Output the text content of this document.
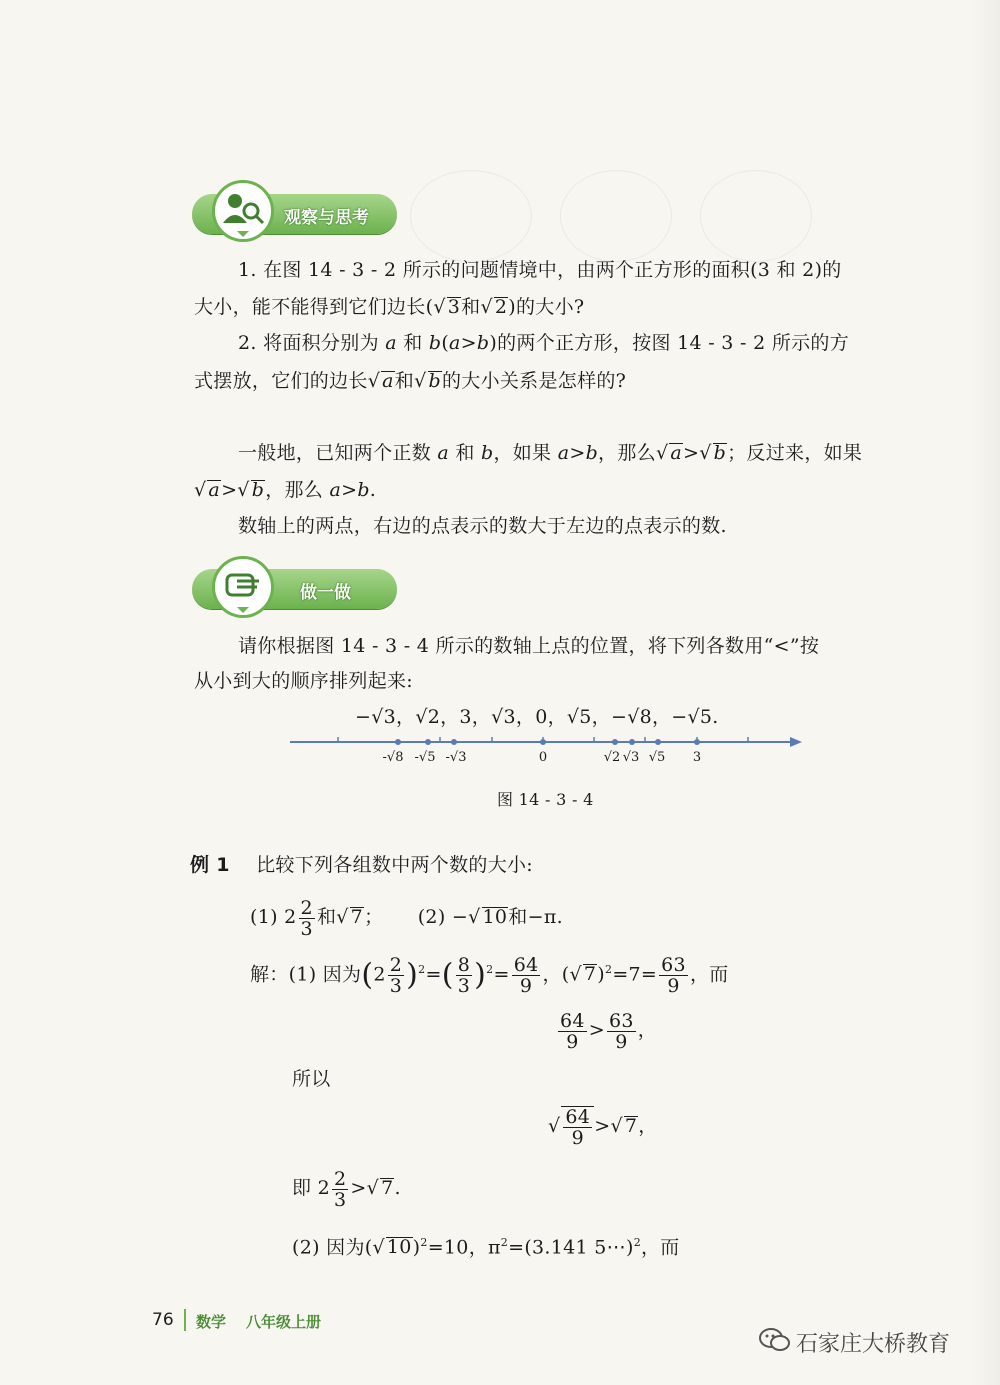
观察与思考
1. 在图 14 - 3 - 2 所示的问题情境中，由两个正方形的面积(3 和 2)的
大小，能不能得到它们边长(√ 3和√ 2)的大小?
2. 将面积分别为 a 和 b(a>b)的两个正方形，按图 14 - 3 - 2 所示的方
式摆放，它们的边长√ a和√ b的大小关系是怎样的?
一般地，已知两个正数 a 和 b，如果 a>b，那么√ a>√ b；反过来，如果
√ a>√ b，那么 a>b.
数轴上的两点，右边的点表示的数大于左边的点表示的数.
做一做
请你根据图 14 - 3 - 4 所示的数轴上点的位置，将下列各数用“<”按
从小到大的顺序排列起来:
−√3，√2，3，√3，0，√5，−√8，−√5.
-√8 -√5 -√3	0	√2 √3 √5 3
图 14 - 3 - 4
例 1 比较下列各组数中两个数的大小:
(1) $2 \frac{2}{3}$ 和√ 7； (2) −√ 10和−π.
解：(1) 因为$(2 \frac{2}{3} )^2=( \frac{8}{3} )^2= \frac{64}{9}$ ，(√ $7)^2=7= \frac{63}{9}$ ，而
$\frac{64}{9} > \frac{63}{9}$ ，
所以
√ $\frac{64}{9}$ >√ 7，
即 $2 \frac{2}{3}$ >√ 7.
(2) 因为(√ 10)$^2$=10，$\pi^2=(3.141$ 5⋯)$^2$，而
76 数学 八年级上册
石家庄大桥教育
